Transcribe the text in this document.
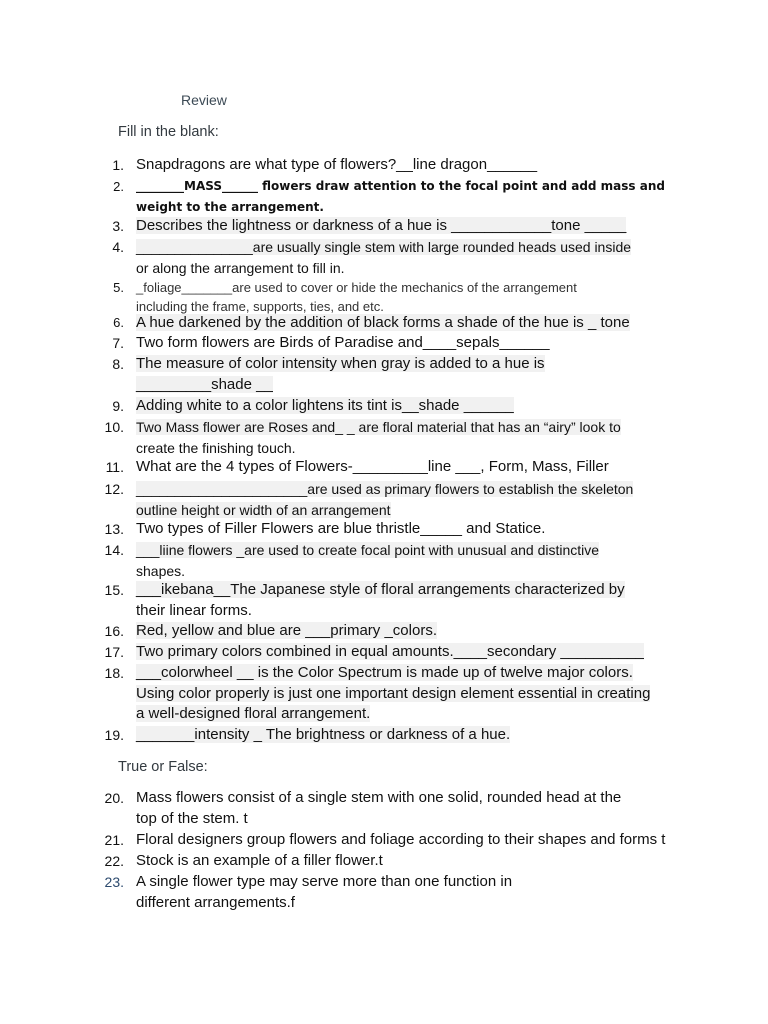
Review
Fill in the blank:
True or False:
1. Snapdragons are what type of flowers?__line dragon______
2. ________MASS______ flowers draw attention to the focal point and add mass and
weight to the arrangement.
3. Describes the lightness or darkness of a hue is ____________tone _____
4. _______________are usually single stem with large rounded heads used inside
or along the arrangement to fill in.
5. _foliage_______are used to cover or hide the mechanics of the arrangement
including the frame, supports, ties, and etc.
6. A hue darkened by the addition of black forms a shade of the hue is _ tone
7. Two form flowers are Birds of Paradise and____sepals______
8. The measure of color intensity when gray is added to a hue is
_________shade __
9. Adding white to a color lightens its tint is__shade ______
10. Two Mass flower are Roses and_ _ are floral material that has an “airy” look to
create the finishing touch.
11. What are the 4 types of Flowers-_________line ___, Form, Mass, Filler
12. ______________________are used as primary flowers to establish the skeleton
outline height or width of an arrangement
13. Two types of Filler Flowers are blue thristle_____ and Statice.
14. ___liine flowers _are used to create focal point with unusual and distinctive
shapes.
15. ___ikebana__The Japanese style of floral arrangements characterized by
their linear forms.
16. Red, yellow and blue are ___primary _colors.
17. Two primary colors combined in equal amounts.____secondary __________
18. ___colorwheel __ is the Color Spectrum is made up of twelve major colors.
Using color properly is just one important design element essential in creating
a well-designed floral arrangement.
19. _______intensity _ The brightness or darkness of a hue.
20. Mass flowers consist of a single stem with one solid, rounded head at the
top of the stem. t
21. Floral designers group flowers and foliage according to their shapes and forms t
22. Stock is an example of a filler flower.t
23. A single flower type may serve more than one function in
different arrangements.f
